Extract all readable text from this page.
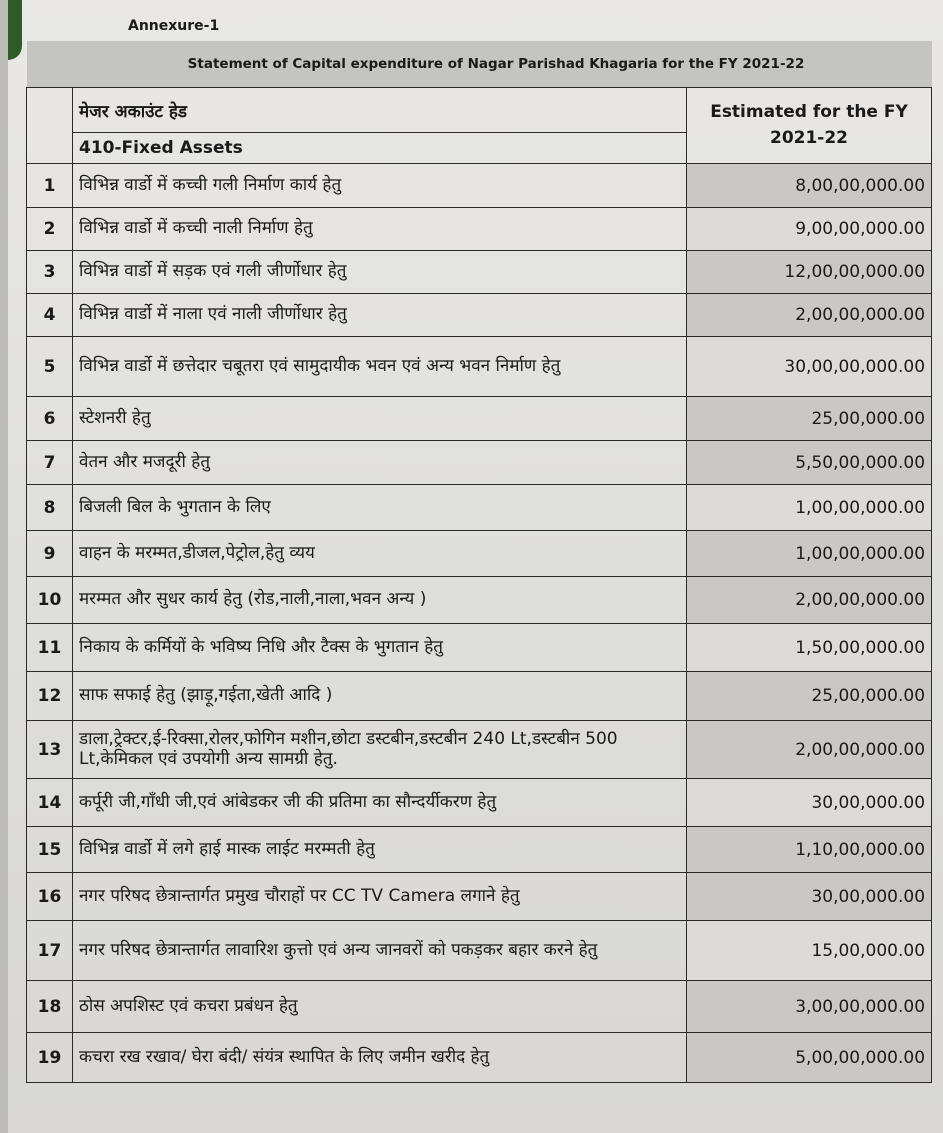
Annexure-1
Statement of Capital expenditure of Nagar Parishad Khagaria for the FY 2021-22		
	मेजर अकाउंट हेड	Estimated for the FY 2021-22
	410-Fixed Assets	
1	विभिन्न वार्डो में कच्ची गली निर्माण कार्य हेतु	8,00,00,000.00
2	विभिन्न वार्डो में कच्ची नाली निर्माण हेतु	9,00,00,000.00
3	विभिन्न वार्डो में सड़क एवं गली जीर्णोधार हेतु	12,00,00,000.00
4	विभिन्न वार्डो में नाला एवं नाली जीर्णोधार हेतु	2,00,00,000.00
5	विभिन्न वार्डो में छत्तेदार चबूतरा एवं सामुदायीक भवन एवं अन्य भवन निर्माण हेतु	30,00,00,000.00
6	स्टेशनरी हेतु	25,00,000.00
7	वेतन और मजदूरी हेतु	5,50,00,000.00
8	बिजली बिल के भुगतान के लिए	1,00,00,000.00
9	वाहन के मरम्मत,डीजल,पेट्रोल,हेतु व्यय	1,00,00,000.00
10	मरम्मत और सुधर कार्य हेतु (रोड,नाली,नाला,भवन अन्य )	2,00,00,000.00
11	निकाय के कर्मियों के भविष्य निधि और टैक्स के भुगतान हेतु	1,50,00,000.00
12	साफ सफाई हेतु (झाड़ू,गईता,खेती आदि )	25,00,000.00
13	डाला,ट्रेक्टर,ई-रिक्सा,रोलर,फोगिन मशीन,छोटा डस्टबीन,डस्टबीन 240 Lt,डस्टबीन 500 Lt,केमिकल एवं उपयोगी अन्य सामग्री हेतु.	2,00,00,000.00
14	कर्पूरी जी,गाँधी जी,एवं आंबेडकर जी की प्रतिमा का सौन्दर्यीकरण हेतु	30,00,000.00
15	विभिन्न वार्डो में लगे हाई मास्क लाईट मरम्मती हेतु	1,10,00,000.00
16	नगर परिषद छेत्रान्तार्गत प्रमुख चौराहों पर CC TV Camera लगाने हेतु	30,00,000.00
17	नगर परिषद छेत्रान्तार्गत लावारिश कुत्तो एवं अन्य जानवरों को पकड़कर बहार करने हेतु	15,00,000.00
18	ठोस अपशिस्ट एवं कचरा प्रबंधन हेतु	3,00,00,000.00
19	कचरा रख रखाव/ घेरा बंदी/ संयंत्र स्थापित के लिए जमीन खरीद हेतु	5,00,00,000.00
